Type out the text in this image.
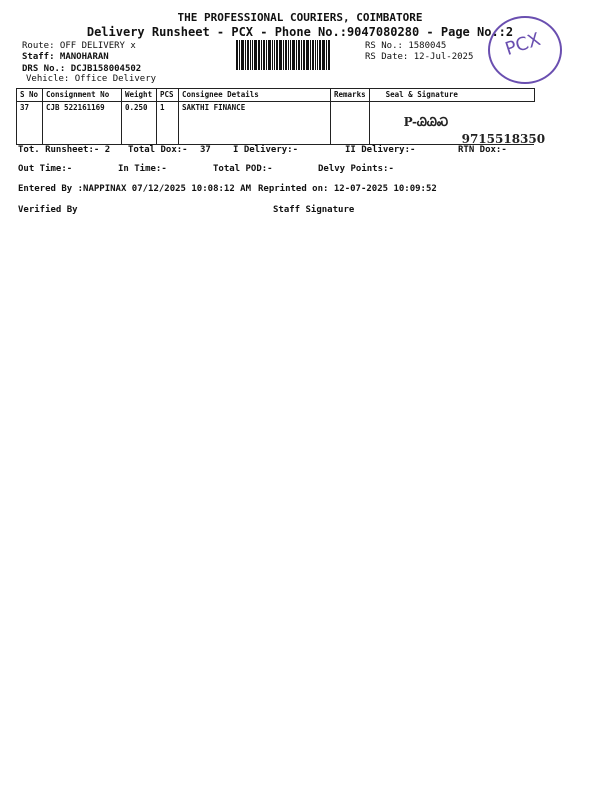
THE PROFESSIONAL COURIERS, COIMBATORE
Delivery Runsheet - PCX - Phone No.:9047080280 - Page No.:2
Route: OFF DELIVERY x
Staff: MANOHARAN
DRS No.: DCJB158004502
Vehicle: Office Delivery
RS No.: 1580045
RS Date: 12-Jul-2025 PCX
S No	Consignment No	Weight	PCS	Consignee Details	Remarks	Seal & Signature
37	CJB 522161169	0.250	1	SAKTHI FINANCE		P-ᏊᏊᏍ
9715518350
Tot. Runsheet:- 2 Total Dox:- 37 I Delivery:-	II Delivery:-	RTN Dox:-
Out Time:-	In Time:-	Total POD:-	Delvy Points:-
Entered By :NAPPINAX 07/12/2025 10:08:12 AM Reprinted on: 12-07-2025 10:09:52
Verified By	Staff Signature
